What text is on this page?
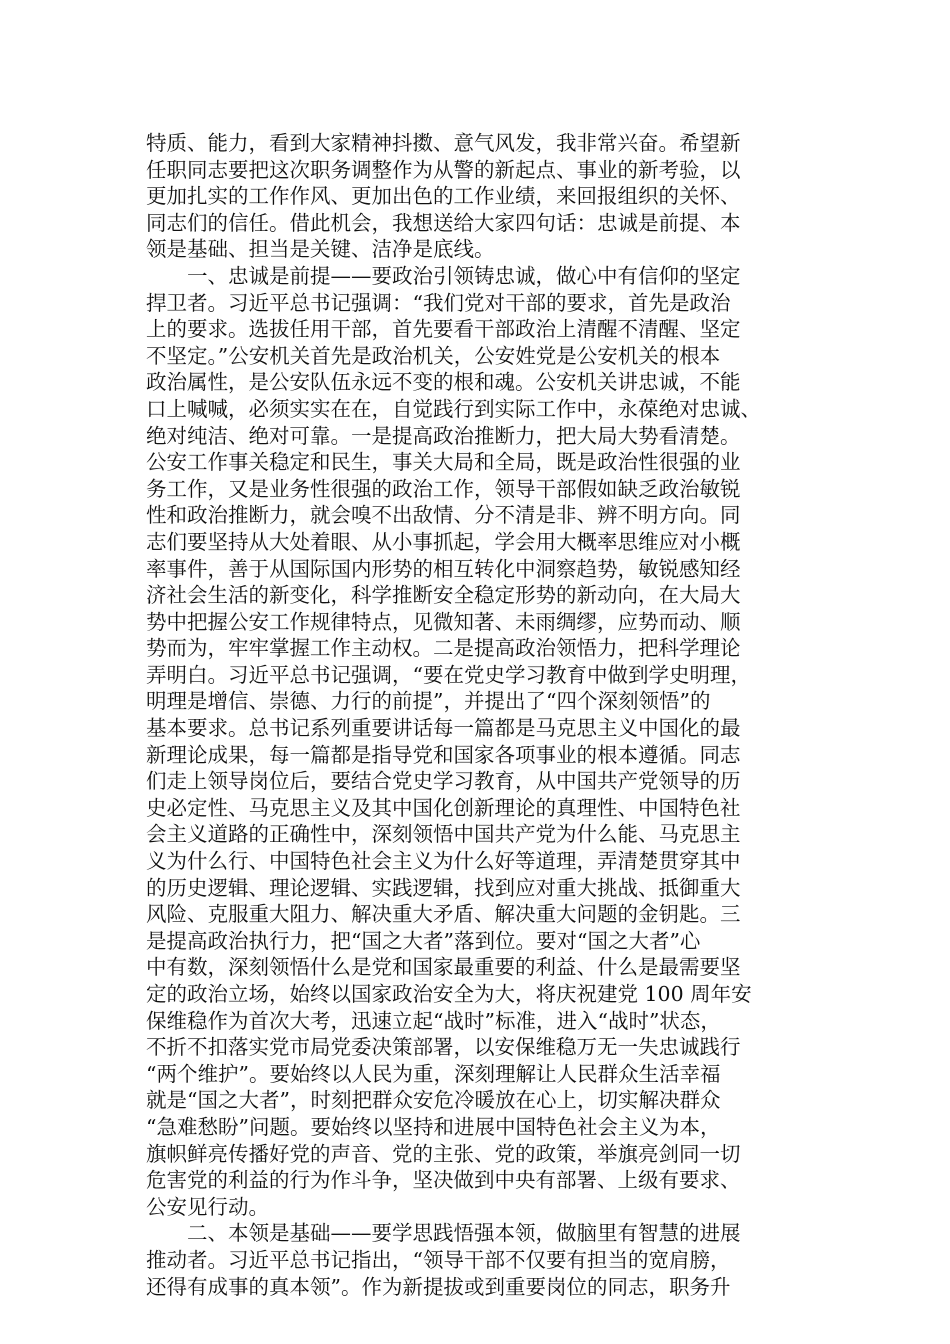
特质、能力，看到大家精神抖擞、意气风发，我非常兴奋。希望新
任职同志要把这次职务调整作为从警的新起点、事业的新考验，以
更加扎实的工作作风、更加出色的工作业绩，来回报组织的关怀、
同志们的信任。借此机会，我想送给大家四句话：忠诚是前提、本
领是基础、担当是关键、洁净是底线。
一、忠诚是前提——要政治引领铸忠诚，做心中有信仰的坚定
捍卫者。习近平总书记强调：“我们党对干部的要求，首先是政治
上的要求。选拔任用干部，首先要看干部政治上清醒不清醒、坚定
不坚定。”公安机关首先是政治机关，公安姓党是公安机关的根本
政治属性，是公安队伍永远不变的根和魂。公安机关讲忠诚，不能
口上喊喊，必须实实在在，自觉践行到实际工作中，永葆绝对忠诚、
绝对纯洁、绝对可靠。一是提高政治推断力，把大局大势看清楚。
公安工作事关稳定和民生，事关大局和全局，既是政治性很强的业
务工作，又是业务性很强的政治工作，领导干部假如缺乏政治敏锐
性和政治推断力，就会嗅不出敌情、分不清是非、辨不明方向。同
志们要坚持从大处着眼、从小事抓起，学会用大概率思维应对小概
率事件，善于从国际国内形势的相互转化中洞察趋势，敏锐感知经
济社会生活的新变化，科学推断安全稳定形势的新动向，在大局大
势中把握公安工作规律特点，见微知著、未雨绸缪，应势而动、顺
势而为，牢牢掌握工作主动权。二是提高政治领悟力，把科学理论
弄明白。习近平总书记强调，“要在党史学习教育中做到学史明理，
明理是增信、崇德、力行的前提”，并提出了“四个深刻领悟”的
基本要求。总书记系列重要讲话每一篇都是马克思主义中国化的最
新理论成果，每一篇都是指导党和国家各项事业的根本遵循。同志
们走上领导岗位后，要结合党史学习教育，从中国共产党领导的历
史必定性、马克思主义及其中国化创新理论的真理性、中国特色社
会主义道路的正确性中，深刻领悟中国共产党为什么能、马克思主
义为什么行、中国特色社会主义为什么好等道理，弄清楚贯穿其中
的历史逻辑、理论逻辑、实践逻辑，找到应对重大挑战、抵御重大
风险、克服重大阻力、解决重大矛盾、解决重大问题的金钥匙。三
是提高政治执行力，把“国之大者”落到位。要对“国之大者”心
中有数，深刻领悟什么是党和国家最重要的利益、什么是最需要坚
定的政治立场，始终以国家政治安全为大，将庆祝建党 100 周年安
保维稳作为首次大考，迅速立起“战时”标准，进入“战时”状态，
不折不扣落实党市局党委决策部署，以安保维稳万无一失忠诚践行
“两个维护”。要始终以人民为重，深刻理解让人民群众生活幸福
就是“国之大者”，时刻把群众安危冷暖放在心上，切实解决群众
“急难愁盼”问题。要始终以坚持和进展中国特色社会主义为本，
旗帜鲜亮传播好党的声音、党的主张、党的政策，举旗亮剑同一切
危害党的利益的行为作斗争，坚决做到中央有部署、上级有要求、
公安见行动。
二、本领是基础——要学思践悟强本领，做脑里有智慧的进展
推动者。习近平总书记指出，“领导干部不仅要有担当的宽肩膀，
还得有成事的真本领”。作为新提拔或到重要岗位的同志，职务升
